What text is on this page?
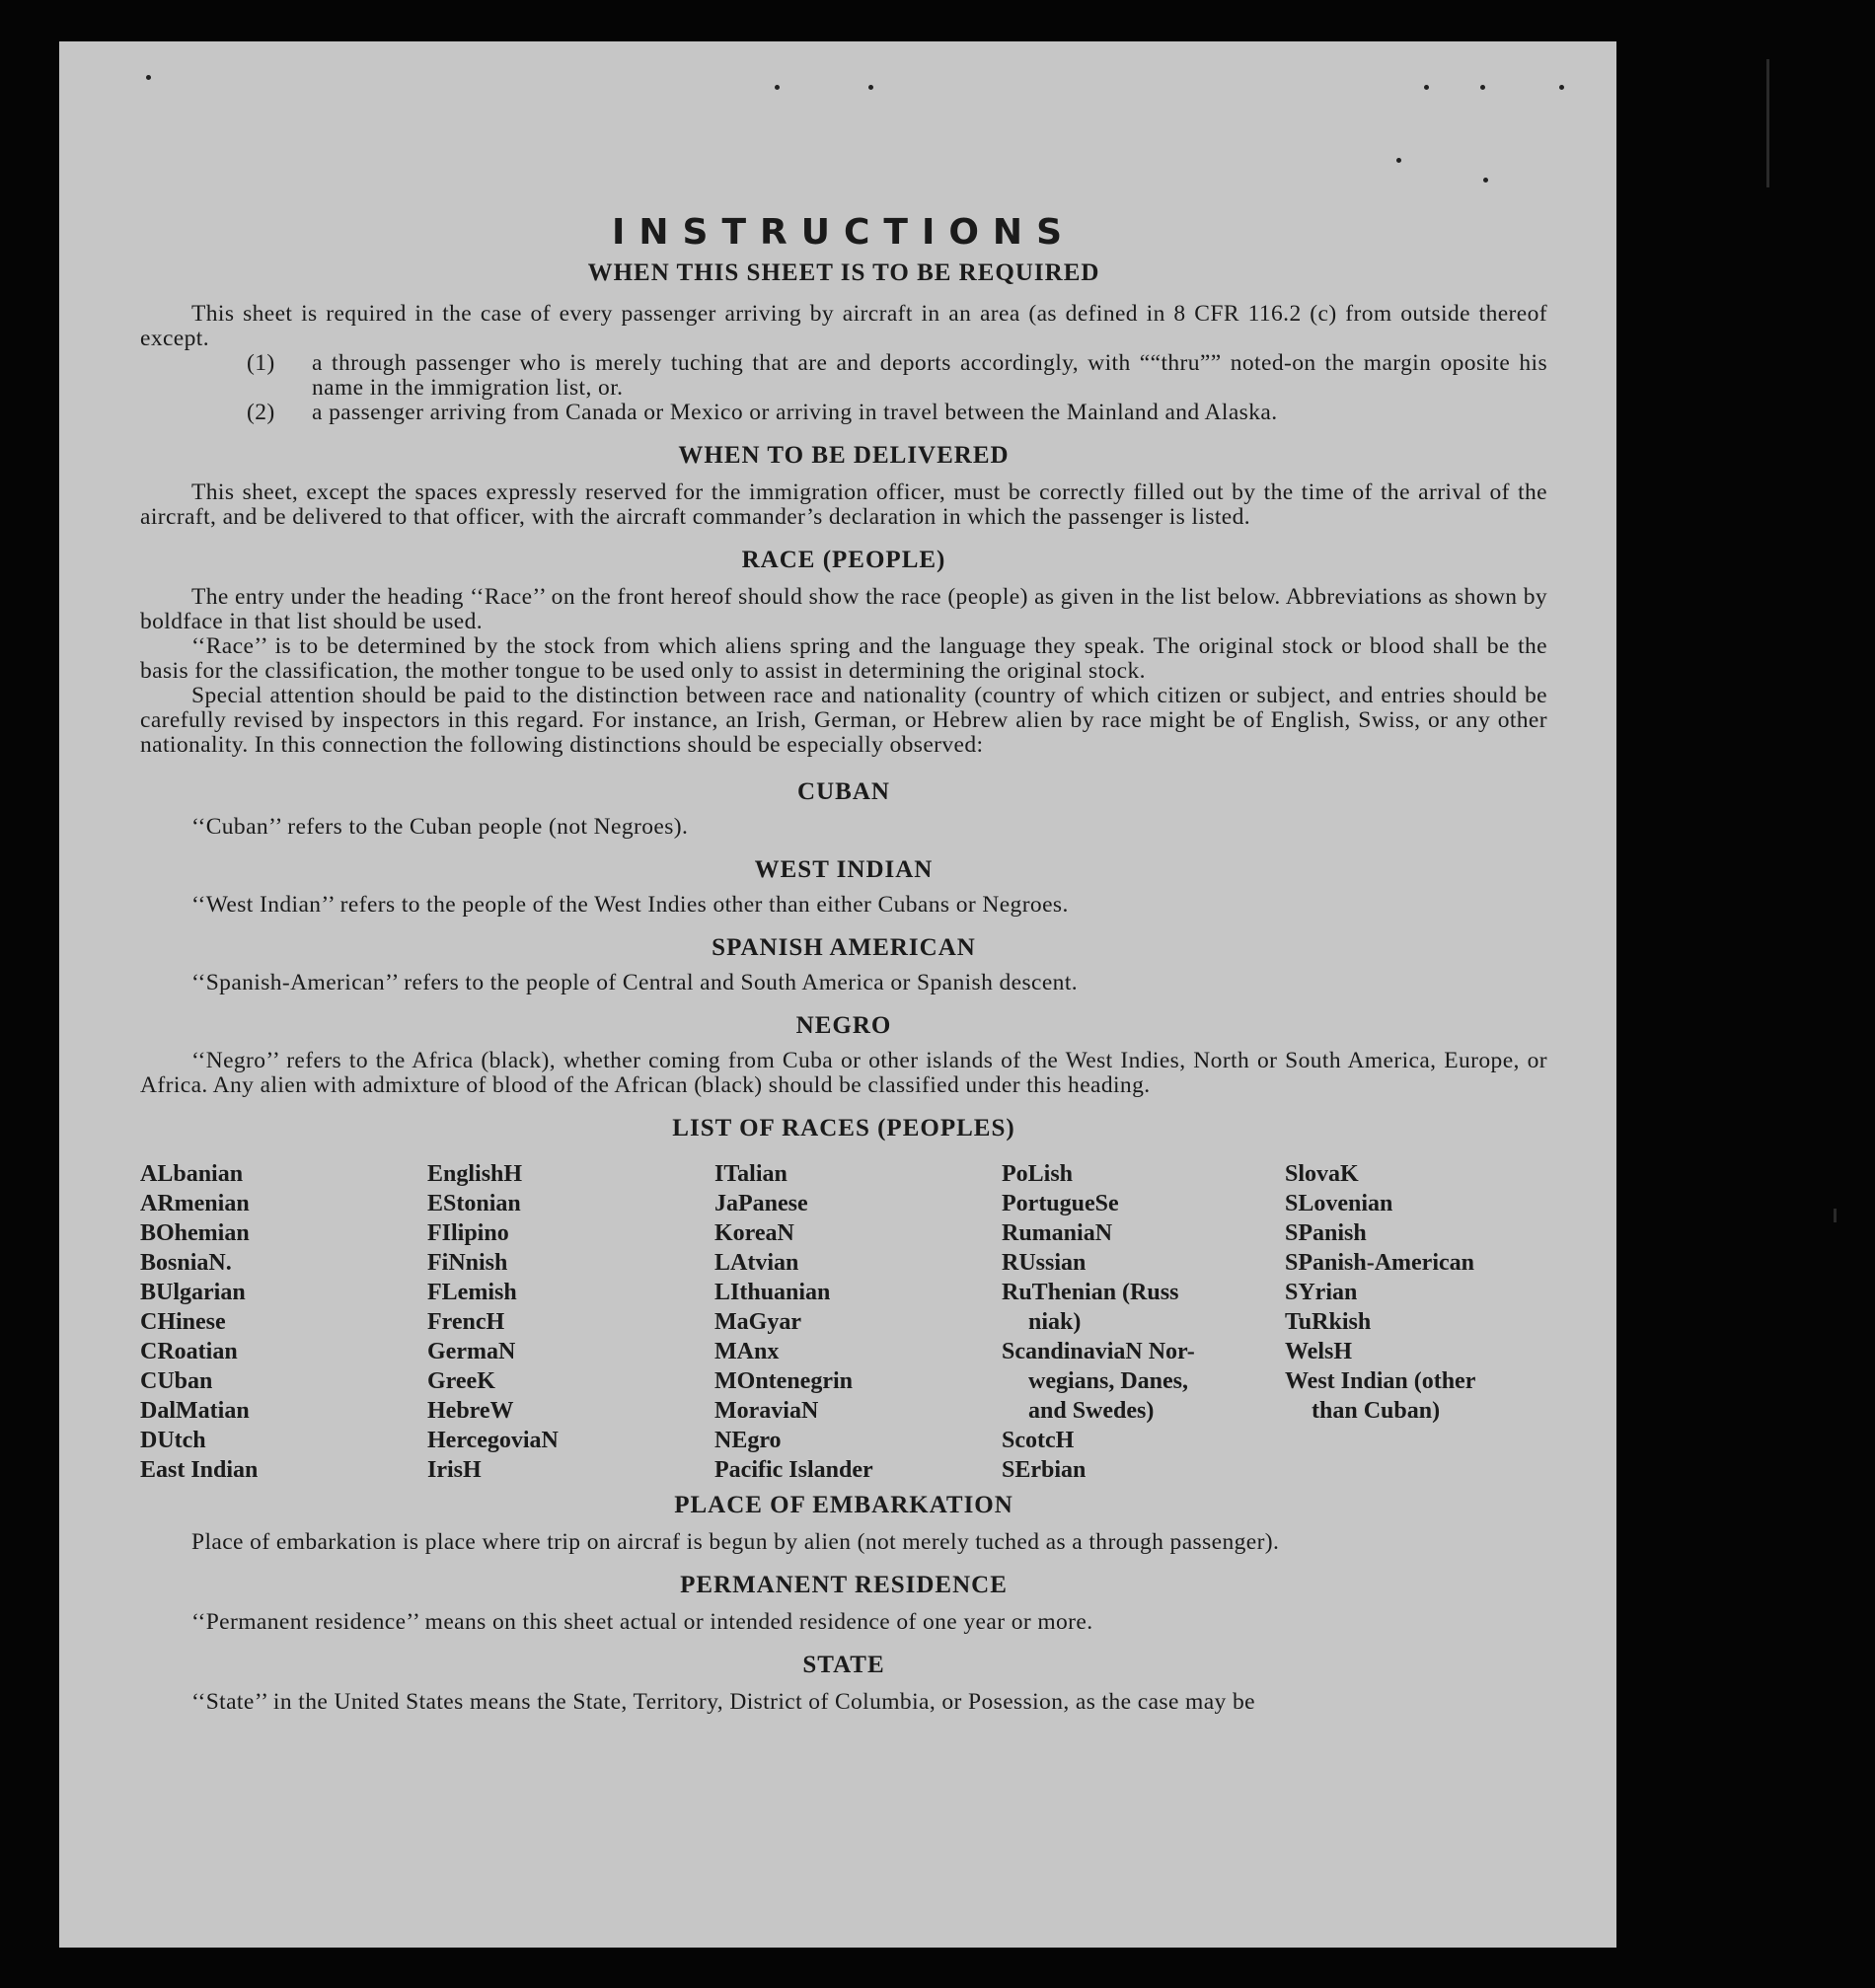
INSTRUCTIONS
WHEN THIS SHEET IS TO BE REQUIRED

This sheet is required in the case of every passenger arriving by aircraft in an area (as defined in 8 CFR 116.2 (c) from outside thereof except.

(1)	a through passenger who is merely tuching that are and deports accordingly, with ““thru”” noted-on the margin oposite his name in the immigration list, or.
(2)	a passenger arriving from Canada or Mexico or arriving in travel between the Mainland and Alaska.
WHEN TO BE DELIVERED

This sheet, except the spaces expressly reserved for the immigration officer, must be correctly filled out by the time of the arrival of the aircraft, and be delivered to that officer, with the aircraft commander’s declaration in which the passenger is listed.

RACE (PEOPLE)

The entry under the heading ‘‘Race’’ on the front hereof should show the race (people) as given in the list below. Abbreviations as shown by boldface in that list should be used.

‘‘Race’’ is to be determined by the stock from which aliens spring and the language they speak. The original stock or blood shall be the basis for the classification, the mother tongue to be used only to assist in determining the original stock.

Special attention should be paid to the distinction between race and nationality (country of which citizen or subject, and entries should be carefully revised by inspectors in this regard. For instance, an Irish, German, or Hebrew alien by race might be of English, Swiss, or any other nationality. In this connection the following distinctions should be especially observed:

CUBAN

‘‘Cuban’’ refers to the Cuban people (not Negroes).

WEST INDIAN

‘‘West Indian’’ refers to the people of the West Indies other than either Cubans or Negroes.

SPANISH AMERICAN

‘‘Spanish-American’’ refers to the people of Central and South America or Spanish descent.

NEGRO

‘‘Negro’’ refers to the Africa (black), whether coming from Cuba or other islands of the West Indies, North or South America, Europe, or Africa. Any alien with admixture of blood of the African (black) should be classified under this heading.

LIST OF RACES (PEOPLES)
ALbanian
ARmenian
BOhemian
BosniaN.
BUlgarian
CHinese
CRoatian
CUban
DalMatian
DUtch
East Indian
EnglishH
EStonian
FIlipino
FiNnish
FLemish
FrencH
GermaN
GreeK
HebreW
HercegoviaN
IrisH
ITalian
JaPanese
KoreaN
LAtvian
LIthuanian
MaGyar
MAnx
MOntenegrin
MoraviaN
NEgro
Pacific Islander
PoLish
PortugueSe
RumaniaN
RUssian
RuThenian (Russ
niak)
ScandinaviaN Nor-
wegians, Danes,
and Swedes)
ScotcH
SErbian
SlovaK
SLovenian
SPanish
SPanish-American
SYrian
TuRkish
WelsH
West Indian (other
than Cuban)
PLACE OF EMBARKATION

Place of embarkation is place where trip on aircraf is begun by alien (not merely tuched as a through passenger).

PERMANENT RESIDENCE

‘‘Permanent residence’’ means on this sheet actual or intended residence of one year or more.

STATE

‘‘State’’ in the United States means the State, Territory, District of Columbia, or Posession, as the case may be
